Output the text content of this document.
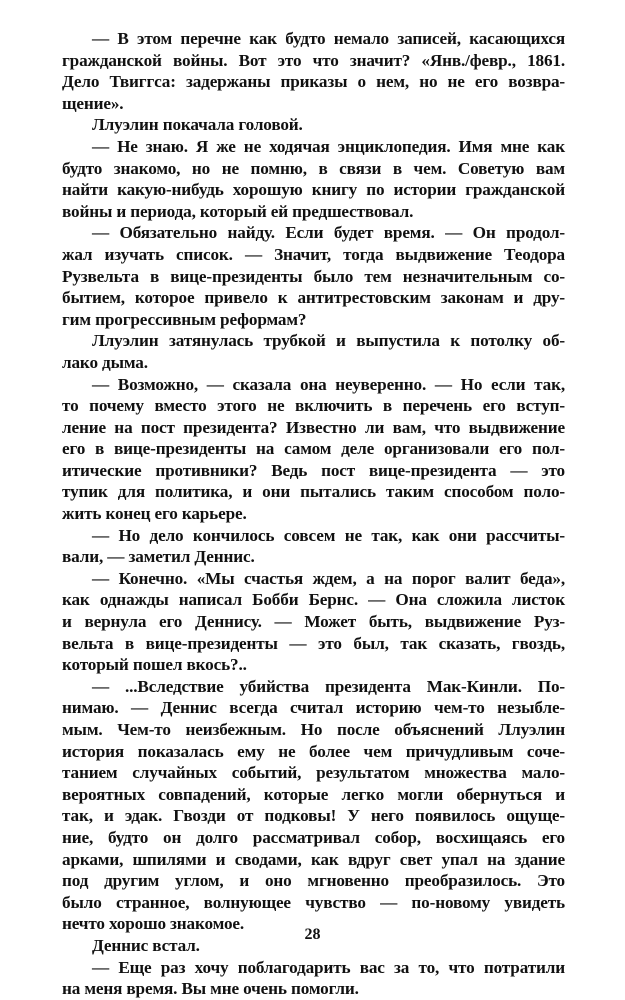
— В этом перечне как будто немало записей, касающихся
гражданской войны. Вот это что значит? «Янв./февр., 1861.
Дело Твиггса: задержаны приказы о нем, но не его возвра-
щение».
Ллуэлин покачала головой.
— Не знаю. Я же не ходячая энциклопедия. Имя мне как
будто знакомо, но не помню, в связи в чем. Советую вам
найти какую-нибудь хорошую книгу по истории гражданской
войны и периода, который ей предшествовал.
— Обязательно найду. Если будет время. — Он продол-
жал изучать список. — Значит, тогда выдвижение Теодора
Рузвельта в вице-президенты было тем незначительным со-
бытием, которое привело к антитрестовским законам и дру-
гим прогрессивным реформам?
Ллуэлин затянулась трубкой и выпустила к потолку об-
лако дыма.
— Возможно, — сказала она неуверенно. — Но если так,
то почему вместо этого не включить в перечень его вступ-
ление на пост президента? Известно ли вам, что выдвижение
его в вице-президенты на самом деле организовали его пол-
итические противники? Ведь пост вице-президента — это
тупик для политика, и они пытались таким способом поло-
жить конец его карьере.
— Но дело кончилось совсем не так, как они рассчиты-
вали, — заметил Деннис.
— Конечно. «Мы счастья ждем, а на порог валит беда»,
как однажды написал Бобби Бернс. — Она сложила листок
и вернула его Деннису. — Может быть, выдвижение Руз-
вельта в вице-президенты — это был, так сказать, гвоздь,
который пошел вкось?..
— ...Вследствие убийства президента Мак-Кинли. По-
нимаю. — Деннис всегда считал историю чем-то незыбле-
мым. Чем-то неизбежным. Но после объяснений Ллуэлин
история показалась ему не более чем причудливым соче-
танием случайных событий, результатом множества мало-
вероятных совпадений, которые легко могли обернуться и
так, и эдак. Гвозди от подковы! У него появилось ощуще-
ние, будто он долго рассматривал собор, восхищаясь его
арками, шпилями и сводами, как вдруг свет упал на здание
под другим углом, и оно мгновенно преобразилось. Это
было странное, волнующее чувство — по-новому увидеть
нечто хорошо знакомое.
Деннис встал.
— Еще раз хочу поблагодарить вас за то, что потратили
на меня время. Вы мне очень помогли.
28
